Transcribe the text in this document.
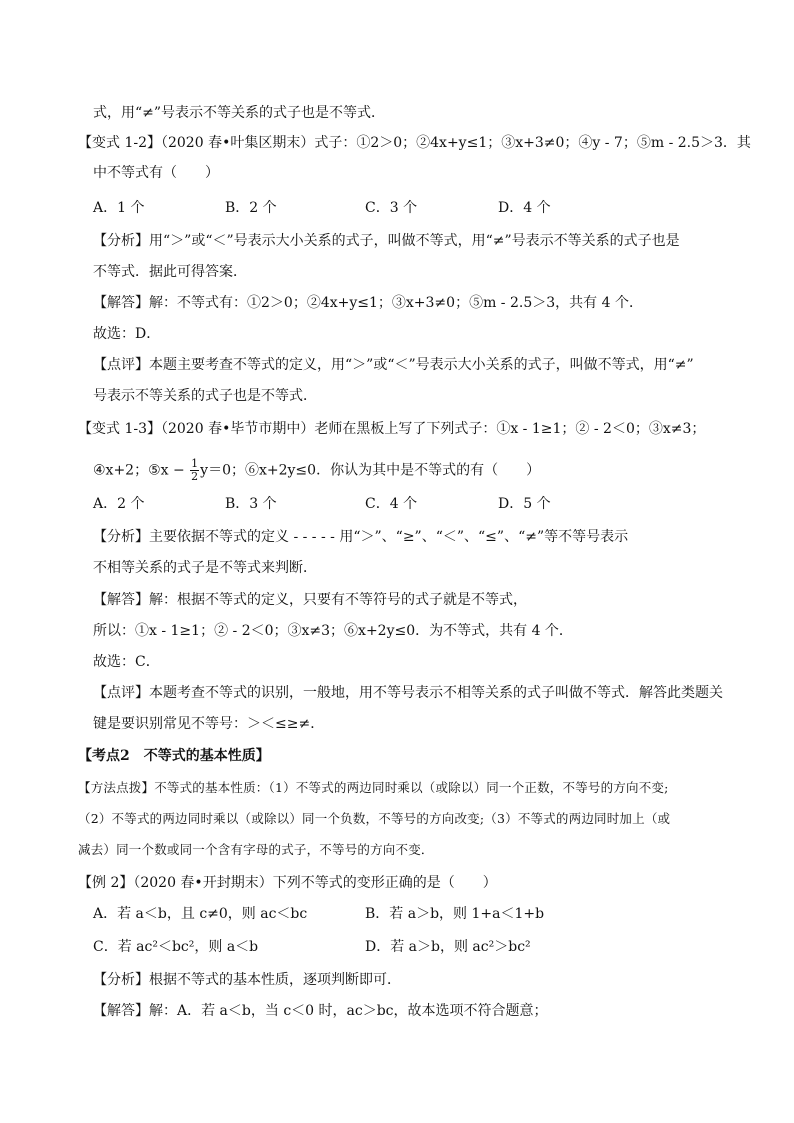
式，用“≠”号表示不等关系的式子也是不等式．
【变式 1-2】（2020 春•叶集区期末）式子：①2＞0；②4x+y≤1；③x+3≠0；④y - 7；⑤m - 2.5＞3．其
中不等式有（　　）
A．1 个	B．2 个	C．3 个	D．4 个
【分析】用“＞”或“＜”号表示大小关系的式子，叫做不等式，用“≠”号表示不等关系的式子也是
不等式．据此可得答案．
【解答】解：不等式有：①2＞0；②4x+y≤1；③x+3≠0；⑤m - 2.5＞3，共有 4 个．
故选：D．
【点评】本题主要考查不等式的定义，用“＞”或“＜”号表示大小关系的式子，叫做不等式，用“≠”
号表示不等关系的式子也是不等式．
【变式 1-3】（2020 春•毕节市期中）老师在黑板上写了下列式子：①x - 1≥1；② - 2＜0；③x≠3；
④x+2；⑤x − $\frac{1}{2} y=0$；⑥x+2y≤0．你认为其中是不等式的有（　　）
A．2 个	B．3 个	C．4 个	D．5 个
【分析】主要依据不等式的定义 - - - - - 用“＞”、“≥”、“＜”、“≤”、“≠”等不等号表示
不相等关系的式子是不等式来判断．
【解答】解：根据不等式的定义，只要有不等符号的式子就是不等式，
所以：①x - 1≥1；② - 2＜0；③x≠3；⑥x+2y≤0．为不等式，共有 4 个．
故选：C．
【点评】本题考查不等式的识别，一般地，用不等号表示不相等关系的式子叫做不等式．解答此类题关
键是要识别常见不等号：＞＜≤≥≠．
【考点2　不等式的基本性质】
【方法点拨】不等式的基本性质：（1）不等式的两边同时乘以（或除以）同一个正数，不等号的方向不变;
（2）不等式的两边同时乘以（或除以）同一个负数，不等号的方向改变;（3）不等式的两边同时加上（或
减去）同一个数或同一个含有字母的式子，不等号的方向不变．
【例 2】（2020 春•开封期末）下列不等式的变形正确的是（　　）
A．若 a＜b，且 c≠0，则 ac＜bc	B．若 a＞b，则 1+a＜1+b
C．若 ac²＜bc²，则 a＜b	D．若 a＞b，则 ac²＞bc²
【分析】根据不等式的基本性质，逐项判断即可．
【解答】解：A．若 a＜b，当 c＜0 时，ac＞bc，故本选项不符合题意；
